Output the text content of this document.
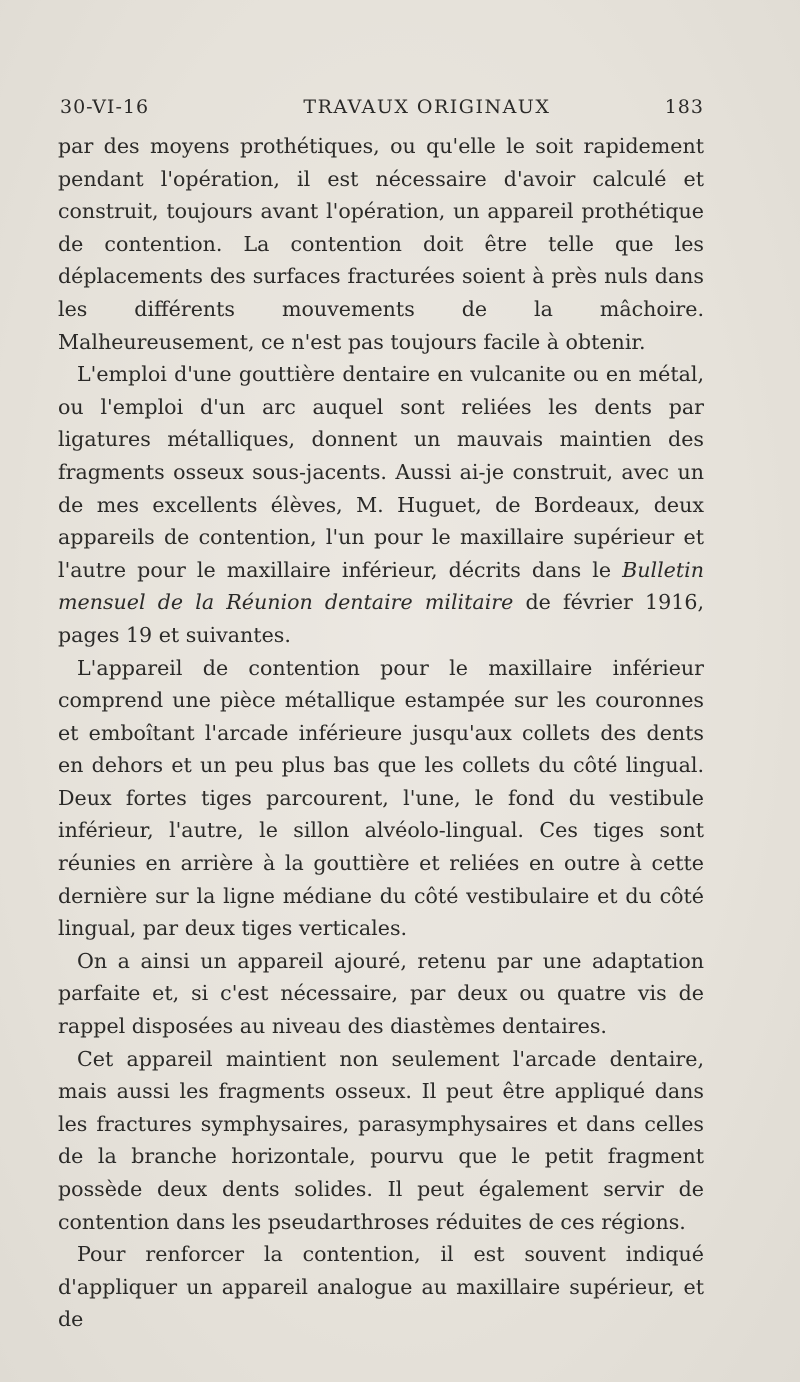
30-VI-16	TRAVAUX ORIGINAUX	183

par des moyens prothétiques, ou qu'elle le soit rapidement pendant l'opération, il est nécessaire d'avoir calculé et construit, toujours avant l'opération, un appareil prothétique de contention. La contention doit être telle que les déplacements des surfaces fracturées soient à près nuls dans les différents mouvements de la mâchoire. Malheureusement, ce n'est pas toujours facile à obtenir.

L'emploi d'une gouttière dentaire en vulcanite ou en métal, ou l'emploi d'un arc auquel sont reliées les dents par ligatures métalliques, donnent un mauvais maintien des fragments osseux sous-jacents. Aussi ai-je construit, avec un de mes excellents élèves, M. Huguet, de Bordeaux, deux appareils de contention, l'un pour le maxillaire supérieur et l'autre pour le maxillaire inférieur, décrits dans le Bulletin mensuel de la Réunion dentaire militaire de février 1916, pages 19 et suivantes.

L'appareil de contention pour le maxillaire inférieur comprend une pièce métallique estampée sur les couronnes et emboîtant l'arcade inférieure jusqu'aux collets des dents en dehors et un peu plus bas que les collets du côté lingual. Deux fortes tiges parcourent, l'une, le fond du vestibule inférieur, l'autre, le sillon alvéolo-lingual. Ces tiges sont réunies en arrière à la gouttière et reliées en outre à cette dernière sur la ligne médiane du côté vestibulaire et du côté lingual, par deux tiges verticales.

On a ainsi un appareil ajouré, retenu par une adaptation parfaite et, si c'est nécessaire, par deux ou quatre vis de rappel disposées au niveau des diastèmes dentaires.

Cet appareil maintient non seulement l'arcade dentaire, mais aussi les fragments osseux. Il peut être appliqué dans les fractures symphysaires, parasymphysaires et dans celles de la branche horizontale, pourvu que le petit fragment possède deux dents solides. Il peut également servir de contention dans les pseudarthroses réduites de ces régions.

Pour renforcer la contention, il est souvent indiqué d'appliquer un appareil analogue au maxillaire supérieur, et de
